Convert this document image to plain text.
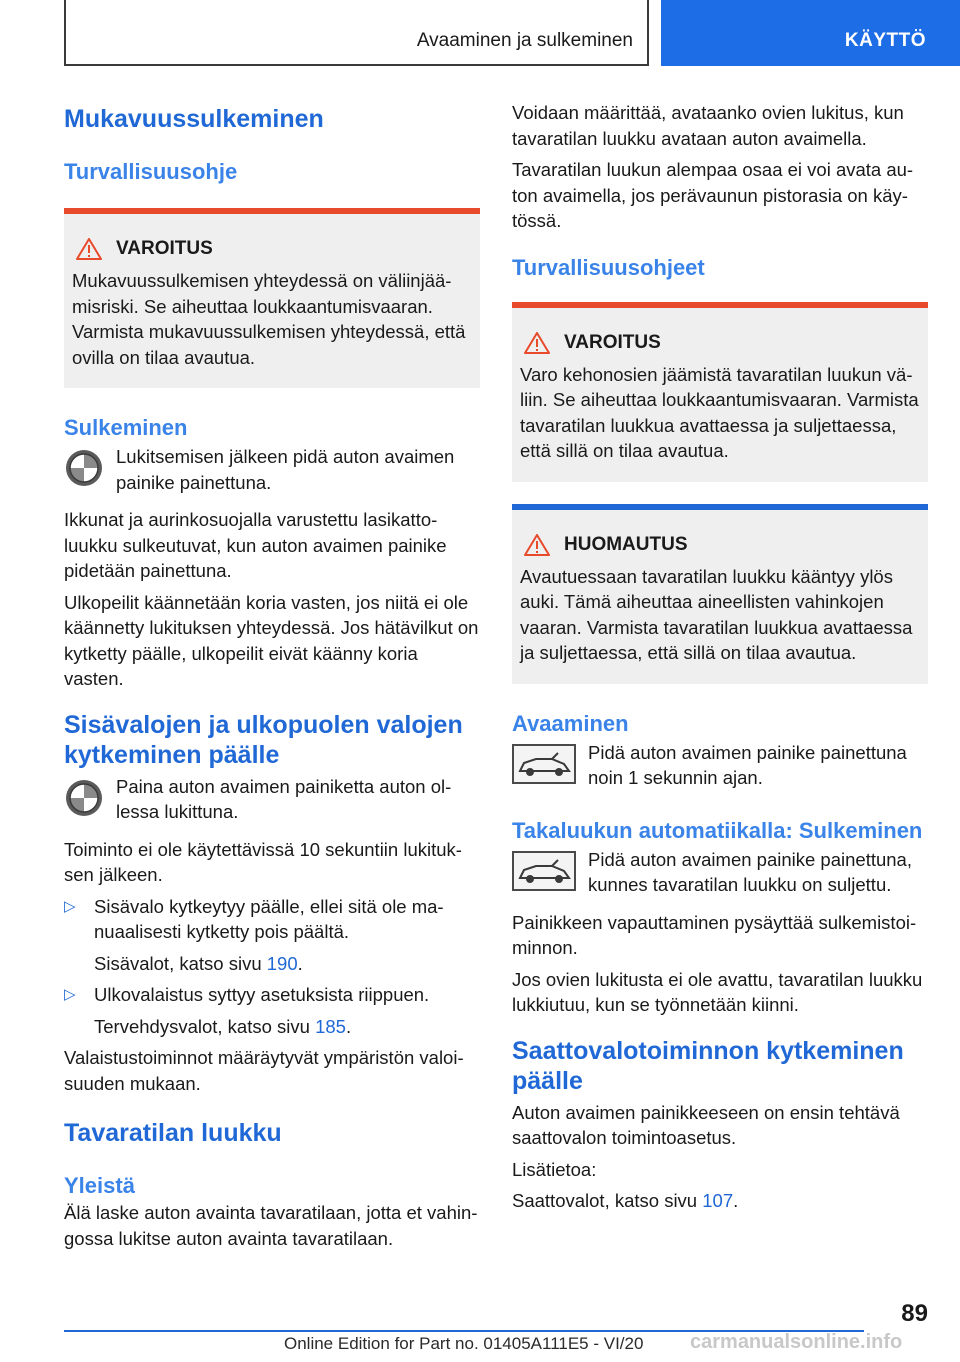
Avaaminen ja sulkeminen	KÄYTTÖ
Mukavuussulkeminen
Turvallisuusohje
VAROITUS
Mukavuussulkemisen yhteydessä on väliinjää-misriski. Se aiheuttaa loukkaantumisvaaran. Varmista mukavuussulkemisen yhteydessä, että ovilla on tilaa avautua.
Sulkeminen
Lukitsemisen jälkeen pidä auton avaimen painike painettuna.
Ikkunat ja aurinkosuojalla varustettu lasikatto-luukku sulkeutuvat, kun auton avaimen painike pidetään painettuna.
Ulkopeilit käännetään koria vasten, jos niitä ei ole käännetty lukituksen yhteydessä. Jos hätävilkut on kytketty päälle, ulkopeilit eivät käänny koria vasten.
Sisävalojen ja ulkopuolen valojen kytkeminen päälle
Paina auton avaimen painiketta auton ol-lessa lukittuna.
Toiminto ei ole käytettävissä 10 sekuntiin lukituk-sen jälkeen.
▷ Sisävalo kytkeytyy päälle, ellei sitä ole ma-nuaalisesti kytketty pois päältä.
Sisävalot, katso sivu 190.
▷ Ulkovalaistus syttyy asetuksista riippuen.
Tervehdysvalot, katso sivu 185.
Valaistustoiminnot määräytyvät ympäristön valoi-suuden mukaan.
Tavaratilan luukku
Yleistä
Älä laske auton avainta tavaratilaan, jotta et vahin-gossa lukitse auton avainta tavaratilaan.
Voidaan määrittää, avataanko ovien lukitus, kun tavaratilan luukku avataan auton avaimella.
Tavaratilan luukun alempaa osaa ei voi avata au-ton avaimella, jos perävaunun pistorasia on käy-tössä.
Turvallisuusohjeet
VAROITUS
Varo kehonosien jäämistä tavaratilan luukun vä-liin. Se aiheuttaa loukkaantumisvaaran. Varmista tavaratilan luukkua avattaessa ja suljettaessa, että sillä on tilaa avautua.
HUOMAUTUS
Avautuessaan tavaratilan luukku kääntyy ylös auki. Tämä aiheuttaa aineellisten vahinkojen vaaran. Varmista tavaratilan luukkua avattaessa ja suljettaessa, että sillä on tilaa avautua.
Avaaminen
Pidä auton avaimen painike painettuna noin 1 sekunnin ajan.
Takaluukun automatiikalla: Sulkeminen
Pidä auton avaimen painike painettuna, kunnes tavaratilan luukku on suljettu.
Painikkeen vapauttaminen pysäyttää sulkemistoi-minnon.
Jos ovien lukitusta ei ole avattu, tavaratilan luukku lukkiutuu, kun se työnnetään kiinni.
Saattovalotoiminnon kytkeminen päälle
Auton avaimen painikkeeseen on ensin tehtävä saattovalon toimintoasetus.
Lisätietoa:
Saattovalot, katso sivu 107.
89
Online Edition for Part no. 01405A111E5 - VI/20 carmanualsonline.info
